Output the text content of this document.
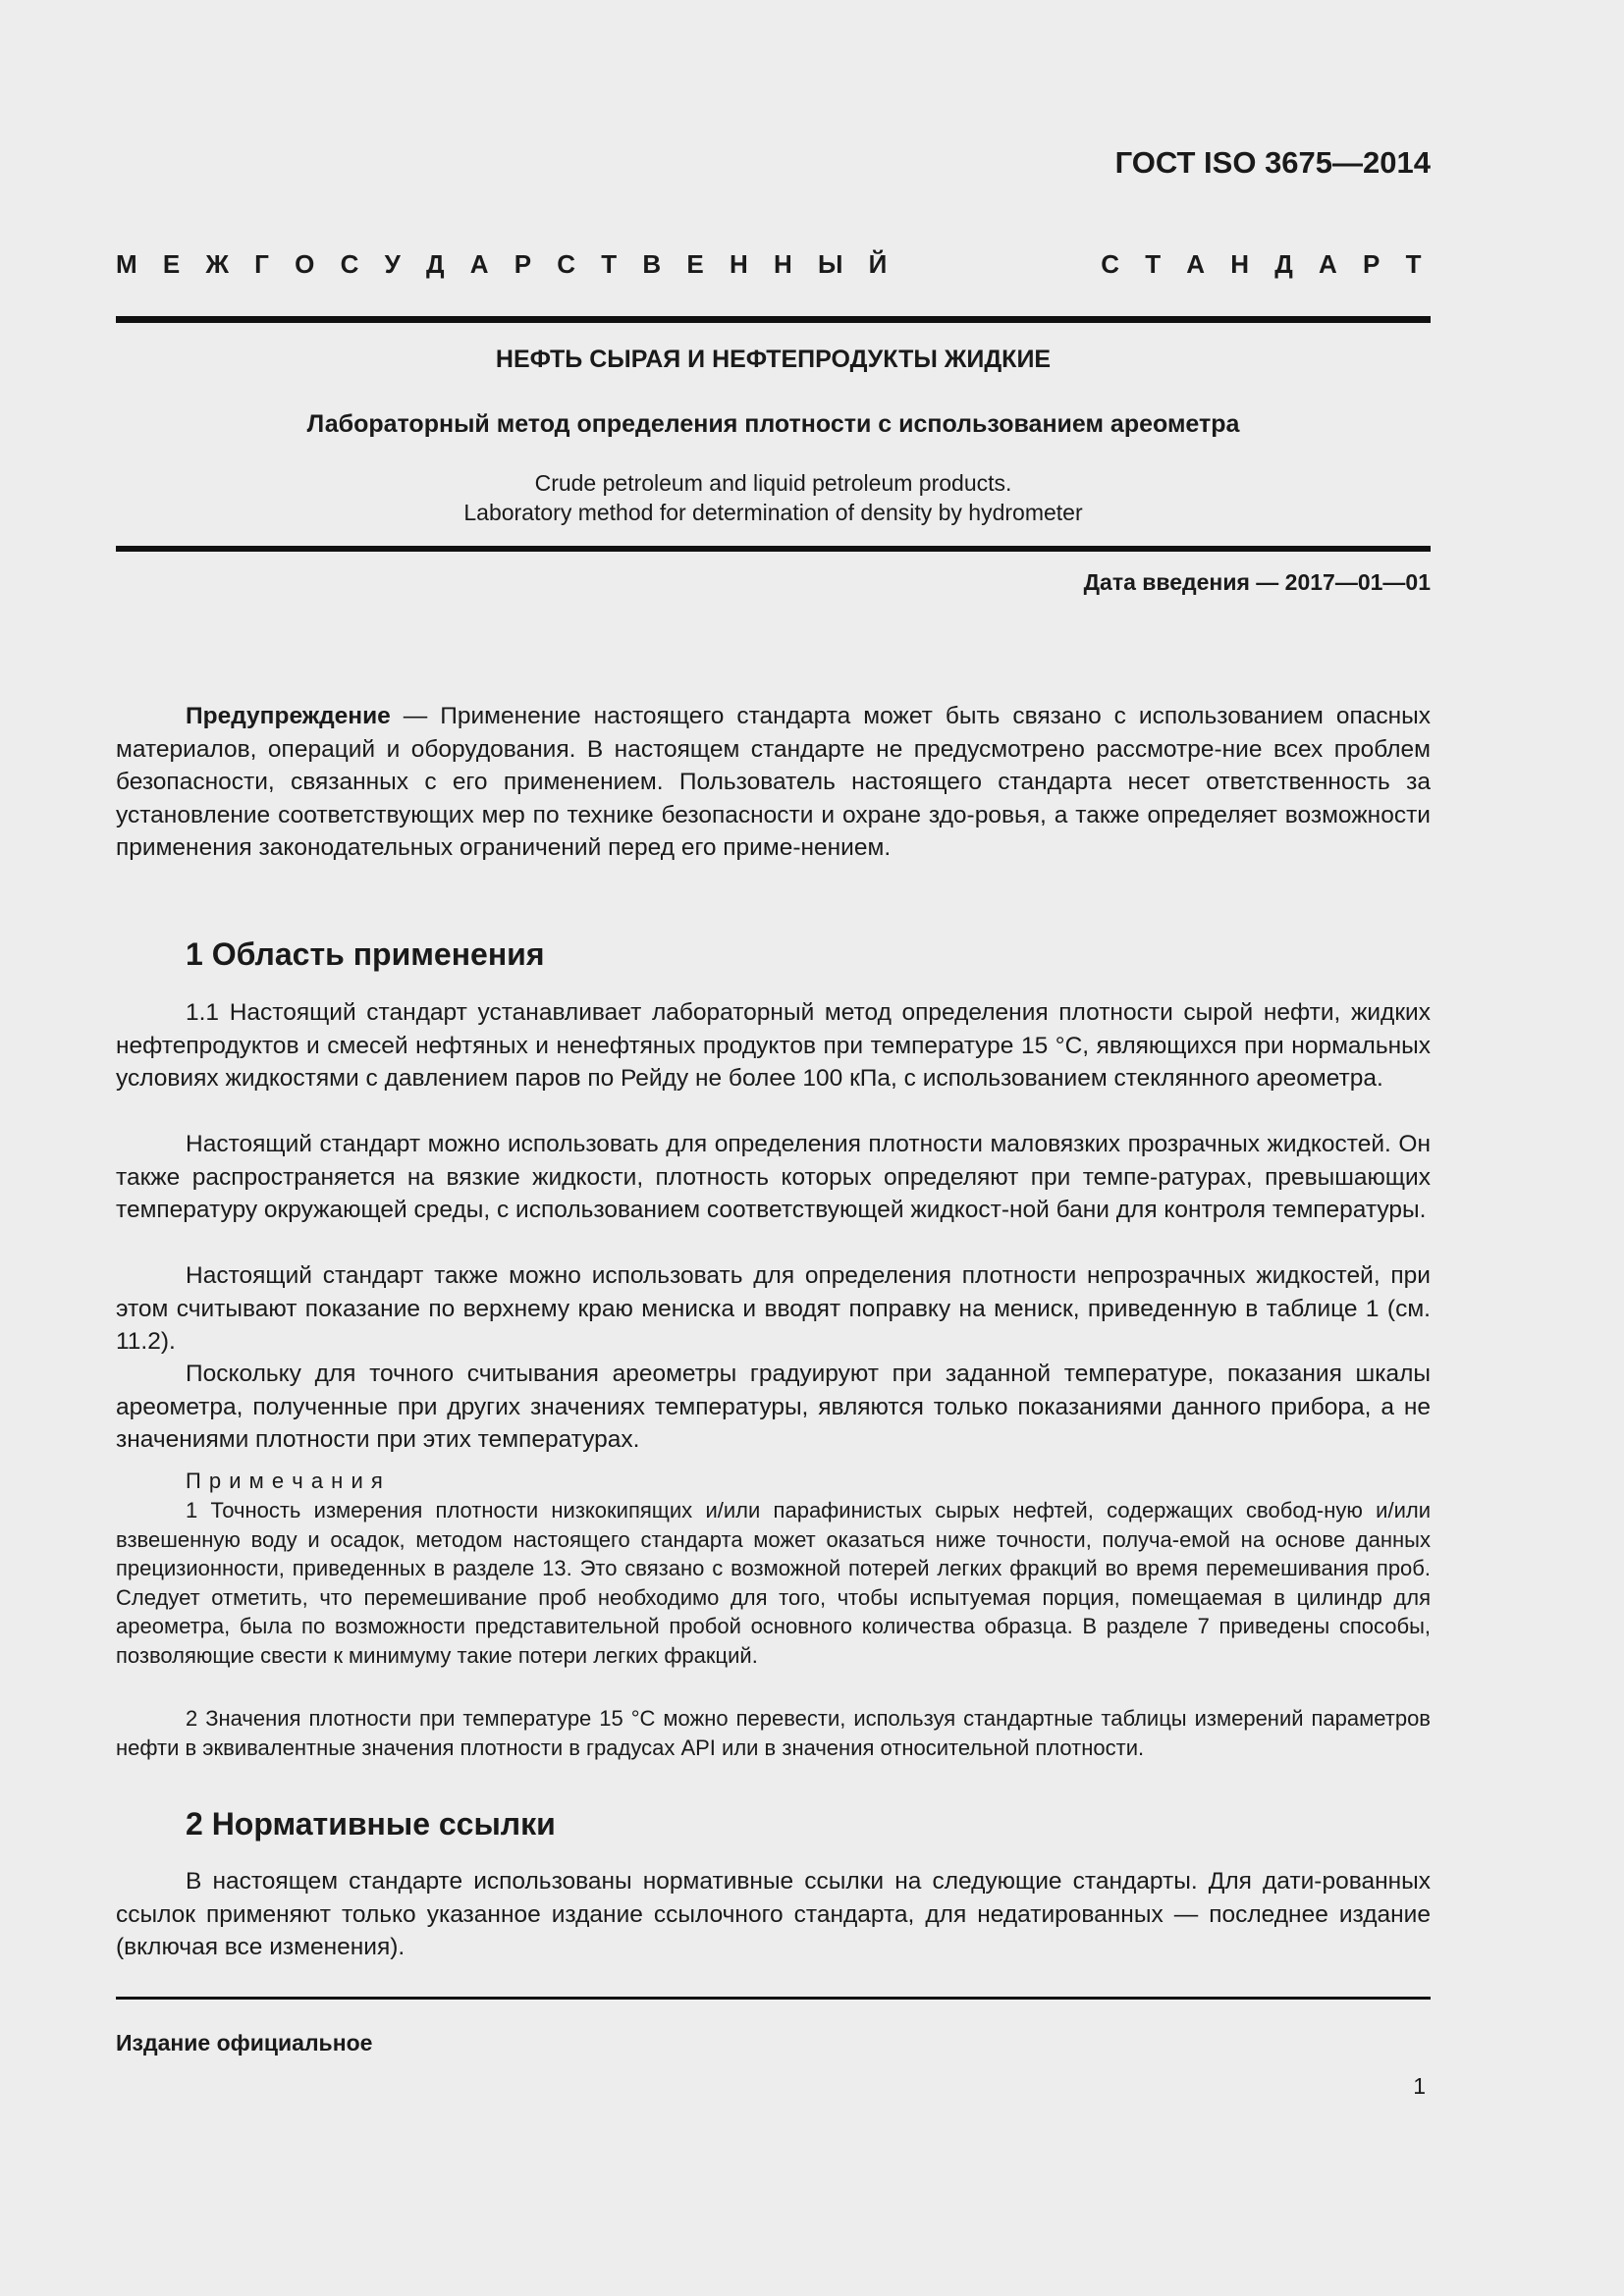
ГОСТ ISO 3675—2014
М Е Ж Г О С У Д А Р С Т В Е Н Н Ы Й	С Т А Н Д А Р Т
НЕФТЬ СЫРАЯ И НЕФТЕПРОДУКТЫ ЖИДКИЕ
Лабораторный метод определения плотности с использованием ареометра
Crude petroleum and liquid petroleum products.
Laboratory method for determination of density by hydrometer
Дата введения — 2017—01—01
Предупреждение — Применение настоящего стандарта может быть связано с использованием опасных материалов, операций и оборудования. В настоящем стандарте не предусмотрено рассмотре-ние всех проблем безопасности, связанных с его применением. Пользователь настоящего стандарта несет ответственность за установление соответствующих мер по технике безопасности и охране здо-ровья, а также определяет возможности применения законодательных ограничений перед его приме-нением.
1 Область применения
1.1 Настоящий стандарт устанавливает лабораторный метод определения плотности сырой нефти, жидких нефтепродуктов и смесей нефтяных и ненефтяных продуктов при температуре 15 °С, являющихся при нормальных условиях жидкостями с давлением паров по Рейду не более 100 кПа, с использованием стеклянного ареометра.
Настоящий стандарт можно использовать для определения плотности маловязких прозрачных жидкостей. Он также распространяется на вязкие жидкости, плотность которых определяют при темпе-ратурах, превышающих температуру окружающей среды, с использованием соответствующей жидкост-ной бани для контроля температуры.
Настоящий стандарт также можно использовать для определения плотности непрозрачных жидкостей, при этом считывают показание по верхнему краю мениска и вводят поправку на мениск, приведенную в таблице 1 (см. 11.2).
Поскольку для точного считывания ареометры градуируют при заданной температуре, показания шкалы ареометра, полученные при других значениях температуры, являются только показаниями данного прибора, а не значениями плотности при этих температурах.
П р и м е ч а н и я
1 Точность измерения плотности низкокипящих и/или парафинистых сырых нефтей, содержащих свобод-ную и/или взвешенную воду и осадок, методом настоящего стандарта может оказаться ниже точности, получа-емой на основе данных прецизионности, приведенных в разделе 13. Это связано с возможной потерей легких фракций во время перемешивания проб. Следует отметить, что перемешивание проб необходимо для того, чтобы испытуемая порция, помещаемая в цилиндр для ареометра, была по возможности представительной пробой основного количества образца. В разделе 7 приведены способы, позволяющие свести к минимуму такие потери легких фракций.
2 Значения плотности при температуре 15 °С можно перевести, используя стандартные таблицы измерений параметров нефти в эквивалентные значения плотности в градусах API или в значения относительной плотности.
2 Нормативные ссылки
В настоящем стандарте использованы нормативные ссылки на следующие стандарты. Для дати-рованных ссылок применяют только указанное издание ссылочного стандарта, для недатированных — последнее издание (включая все изменения).
Издание официальное
1
